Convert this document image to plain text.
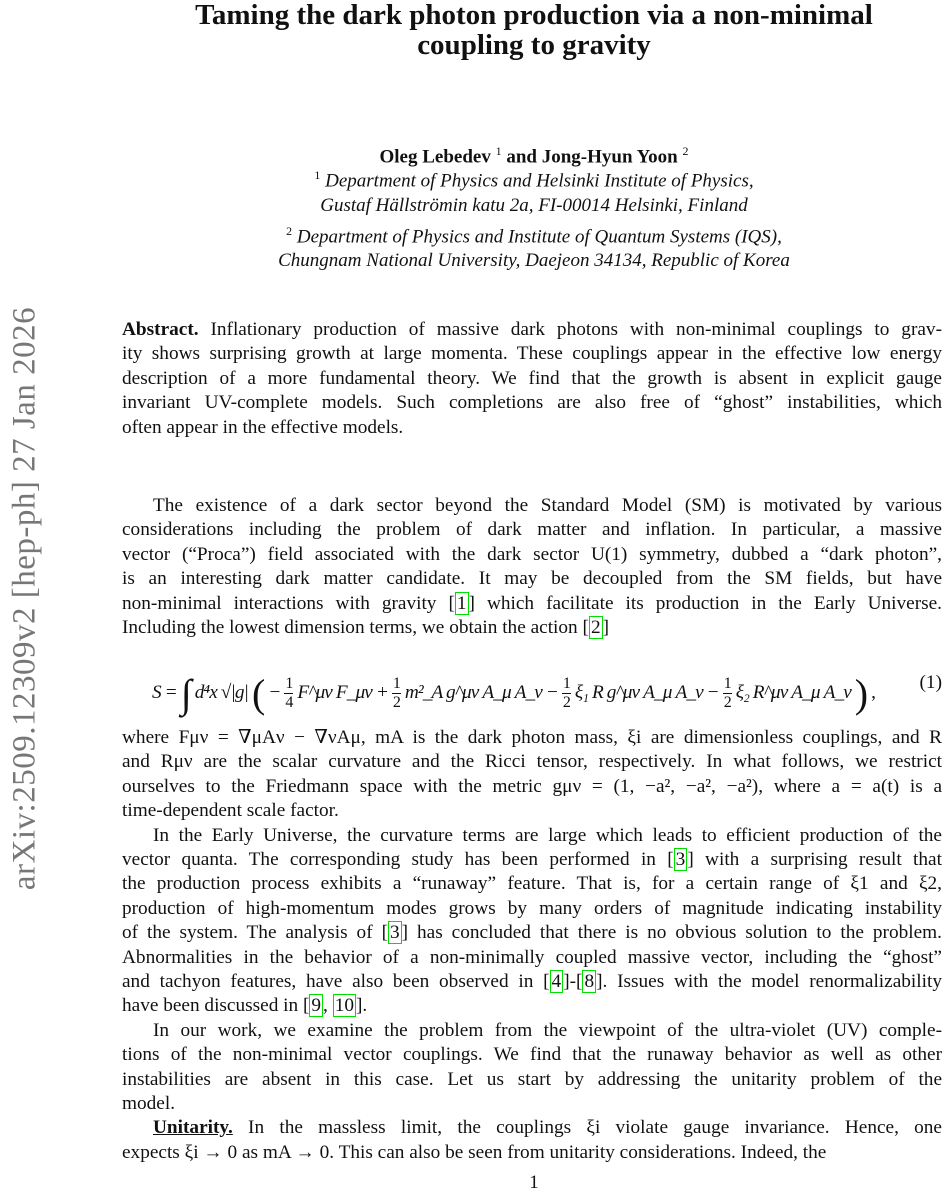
arXiv:2509.12309v2 [hep-ph] 27 Jan 2026
Taming the dark photon production via a non-minimal
coupling to gravity
Oleg Lebedev $^1$ and Jong-Hyun Yoon $^2$
$^1$ Department of Physics and Helsinki Institute of Physics,
Gustaf Hällströmin katu 2a, FI-00014 Helsinki, Finland
$^2$ Department of Physics and Institute of Quantum Systems (IQS),
Chungnam National University, Daejeon 34134, Republic of Korea
Abstract. Inflationary production of massive dark photons with non-minimal couplings to grav-
ity shows surprising growth at large momenta. These couplings appear in the effective low energy
description of a more fundamental theory. We find that the growth is absent in explicit gauge
invariant UV-complete models. Such completions are also free of “ghost” instabilities, which
often appear in the effective models.
The existence of a dark sector beyond the Standard Model (SM) is motivated by various
considerations including the problem of dark matter and inflation. In particular, a massive
vector (“Proca”) field associated with the dark sector U(1) symmetry, dubbed a “dark photon”,
is an interesting dark matter candidate. It may be decoupled from the SM fields, but have
non-minimal interactions with gravity [ 1 ] which facilitate its production in the Early Universe.
Including the lowest dimension terms, we obtain the action [ 2 ]
S = ∫ d⁴x √|g| ( − $\frac{1}{4}$ F^μν F_μν + $\frac{1}{2}$ m²_A g^μν A_μ A_ν − $\frac{1}{2} \xi_1$ R g^μν A_μ A_ν − $\frac{1}{2} \xi_2$ R^μν A_μ A_ν ) ,	(1)
where Fμν = ∇μAν − ∇νAμ, mA is the dark photon mass, ξi are dimensionless couplings, and R
and Rμν are the scalar curvature and the Ricci tensor, respectively. In what follows, we restrict
ourselves to the Friedmann space with the metric gμν = (1, −a², −a², −a²), where a = a(t) is a
time-dependent scale factor.
In the Early Universe, the curvature terms are large which leads to efficient production of the
vector quanta. The corresponding study has been performed in [ 3 ] with a surprising result that
the production process exhibits a “runaway” feature. That is, for a certain range of ξ1 and ξ2,
production of high-momentum modes grows by many orders of magnitude indicating instability
of the system. The analysis of [ 3 ] has concluded that there is no obvious solution to the problem.
Abnormalities in the behavior of a non-minimally coupled massive vector, including the “ghost”
and tachyon features, have also been observed in [ 4 ]-[ 8 ]. Issues with the model renormalizability
have been discussed in [ 9 , 10 ].
In our work, we examine the problem from the viewpoint of the ultra-violet (UV) comple-
tions of the non-minimal vector couplings. We find that the runaway behavior as well as other
instabilities are absent in this case. Let us start by addressing the unitarity problem of the
model.
Unitarity. In the massless limit, the couplings ξi violate gauge invariance. Hence, one
expects ξi → 0 as mA → 0. This can also be seen from unitarity considerations. Indeed, the
1
